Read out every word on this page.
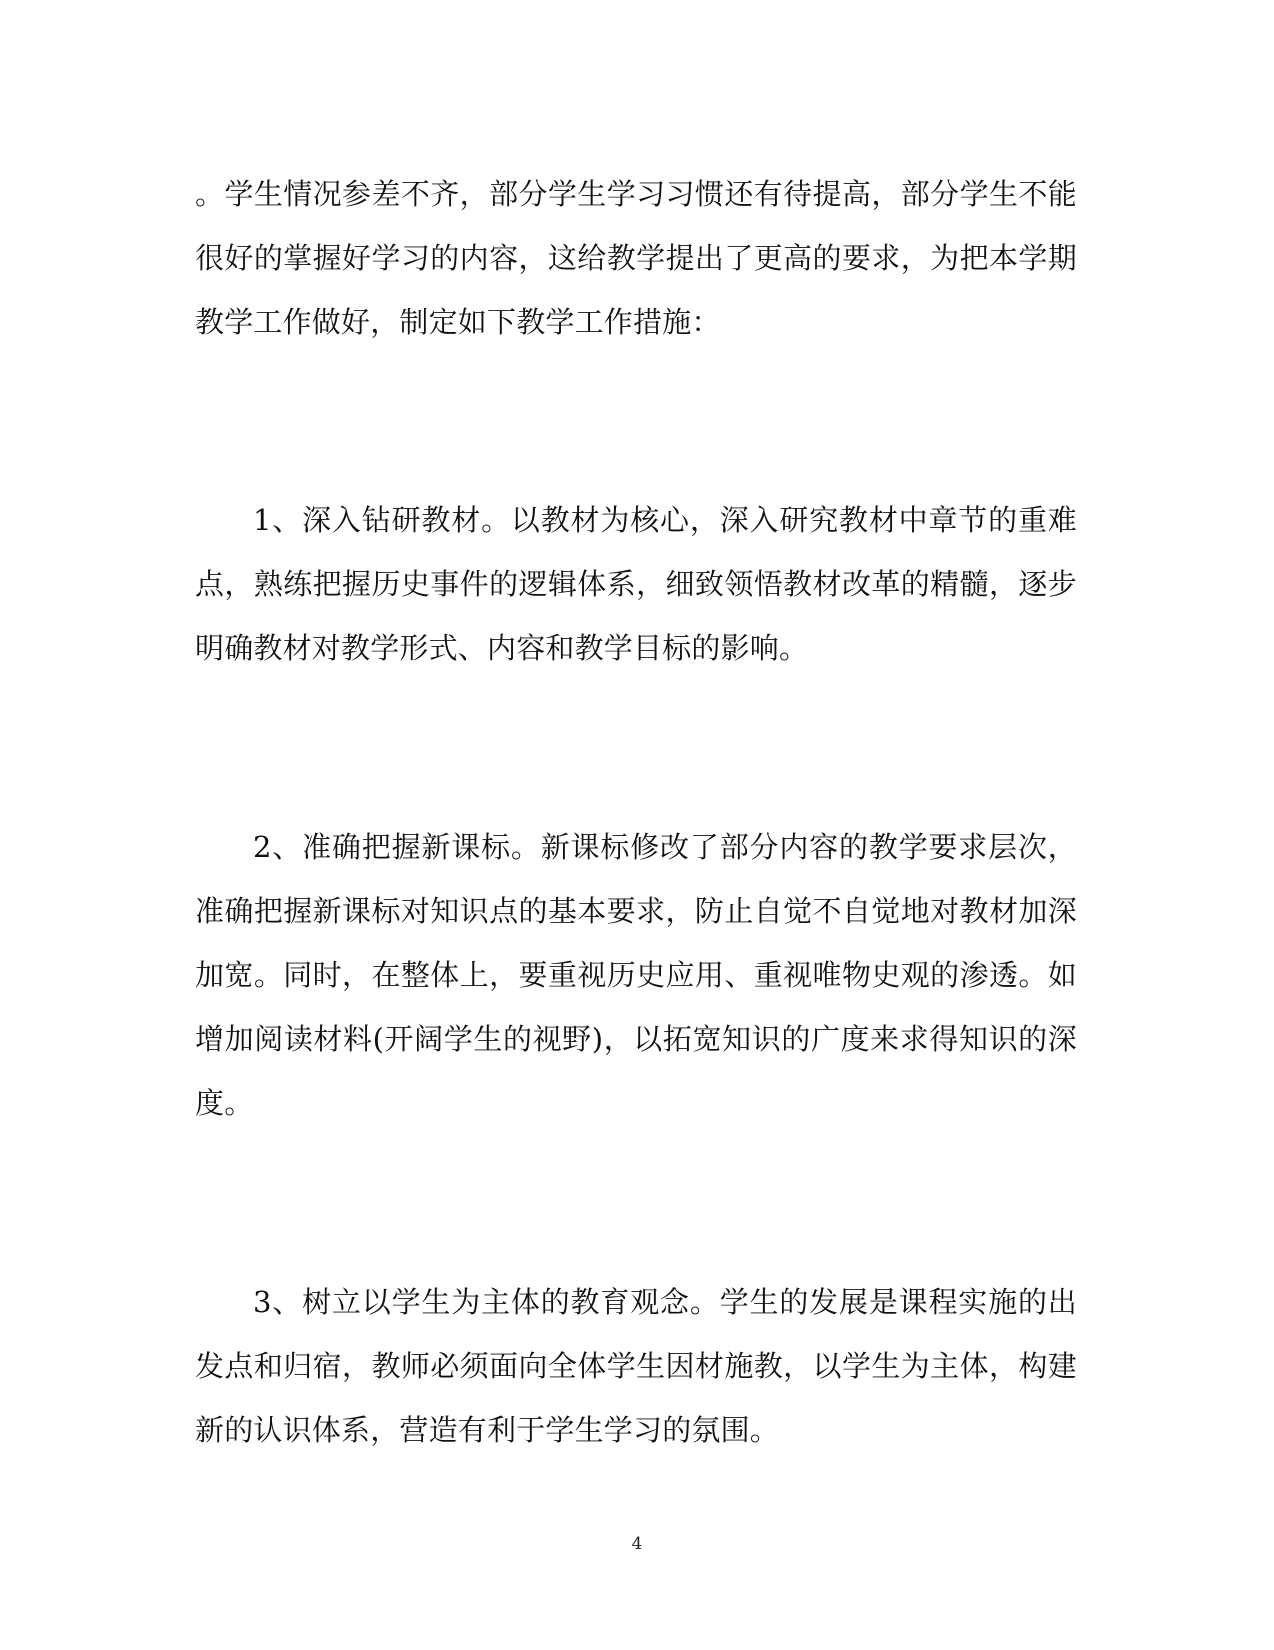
。学生情况参差不齐，部分学生学习习惯还有待提高，部分学生不能很好的掌握好学习的内容，这给教学提出了更高的要求，为把本学期教学工作做好，制定如下教学工作措施：

1、深入钻研教材。以教材为核心，深入研究教材中章节的重难点，熟练把握历史事件的逻辑体系，细致领悟教材改革的精髓，逐步明确教材对教学形式、内容和教学目标的影响。

2、准确把握新课标。新课标修改了部分内容的教学要求层次，准确把握新课标对知识点的基本要求，防止自觉不自觉地对教材加深加宽。同时，在整体上，要重视历史应用、重视唯物史观的渗透。如增加阅读材料(开阔学生的视野)，以拓宽知识的广度来求得知识的深度。

3、树立以学生为主体的教育观念。学生的发展是课程实施的出发点和归宿，教师必须面向全体学生因材施教，以学生为主体，构建新的认识体系，营造有利于学生学习的氛围。

4
